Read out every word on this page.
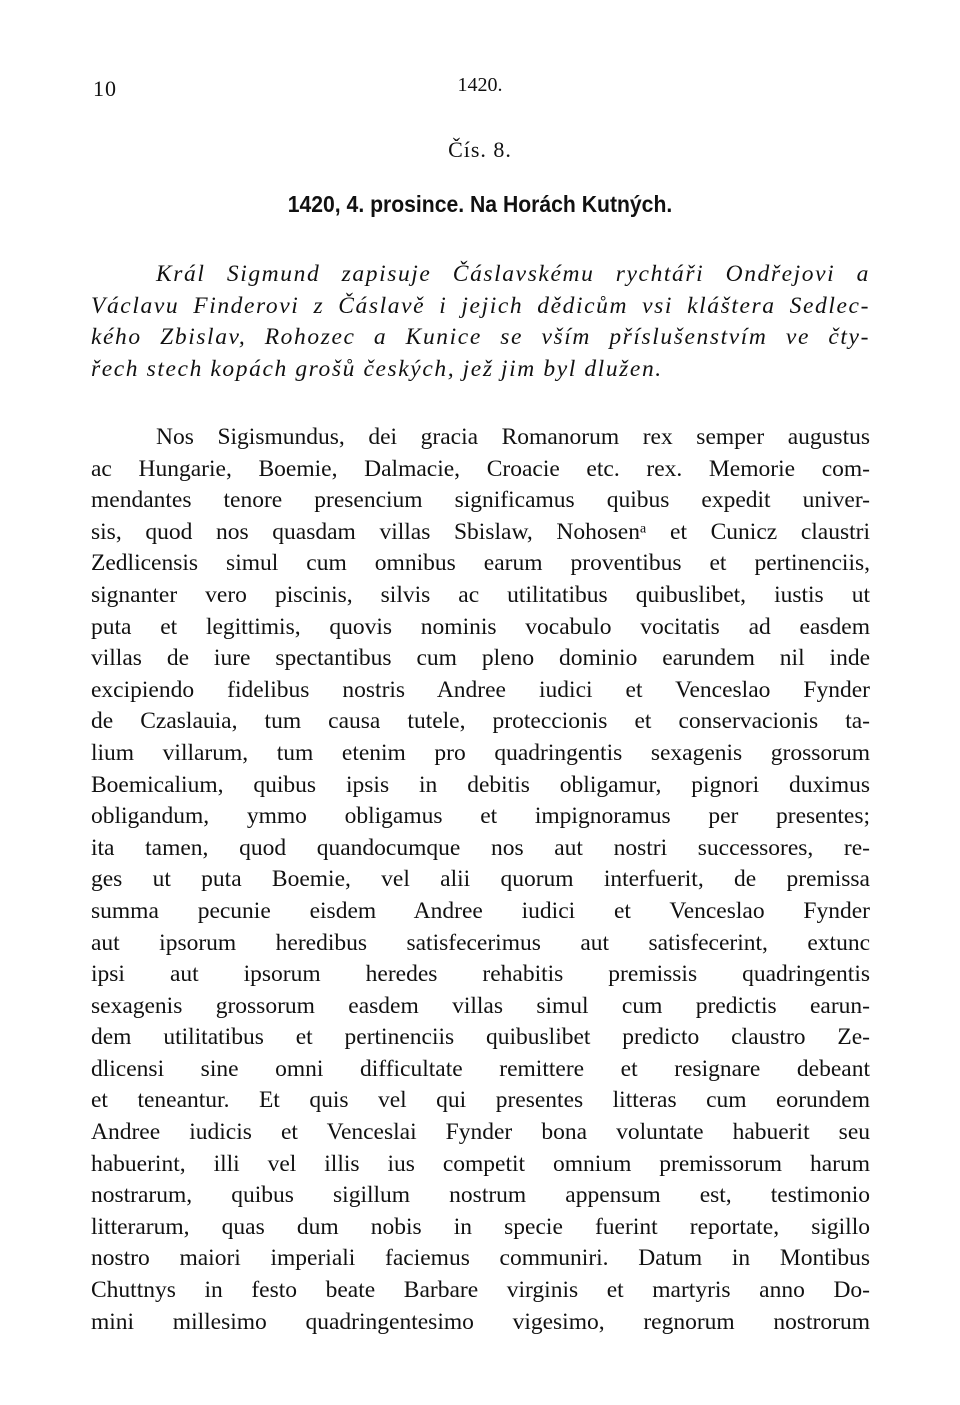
10	1420.
Čís. 8.
1420, 4. prosince. Na Horách Kutných.
Král Sigmund zapisuje Čáslavskému rychtáři Ondřejovi a
Václavu Finderovi z Čáslavě i jejich dědicům vsi kláštera Sedlec-
kého Zbislav, Rohozec a Kunice se vším příslušenstvím ve čty-
řech stech kopách grošů českých, jež jim byl dlužen.
Nos Sigismundus, dei gracia Romanorum rex semper augustus
ac Hungarie, Boemie, Dalmacie, Croacie etc. rex. Memorie com-
mendantes tenore presencium significamus quibus expedit univer-
sis, quod nos quasdam villas Sbislaw, Nohosenᵃ et Cunicz claustri
Zedlicensis simul cum omnibus earum proventibus et pertinenciis,
signanter vero piscinis, silvis ac utilitatibus quibuslibet, iustis ut
puta et legittimis, quovis nominis vocabulo vocitatis ad easdem
villas de iure spectantibus cum pleno dominio earundem nil inde
excipiendo fidelibus nostris Andree iudici et Venceslao Fynder
de Czaslauia, tum causa tutele, proteccionis et conservacionis ta-
lium villarum, tum etenim pro quadringentis sexagenis grossorum
Boemicalium, quibus ipsis in debitis obligamur, pignori duximus
obligandum, ymmo obligamus et impignoramus per presentes;
ita tamen, quod quandocumque nos aut nostri successores, re-
ges ut puta Boemie, vel alii quorum interfuerit, de premissa
summa pecunie eisdem Andree iudici et Venceslao Fynder
aut ipsorum heredibus satisfecerimus aut satisfecerint, extunc
ipsi aut ipsorum heredes rehabitis premissis quadringentis
sexagenis grossorum easdem villas simul cum predictis earun-
dem utilitatibus et pertinenciis quibuslibet predicto claustro Ze-
dlicensi sine omni difficultate remittere et resignare debeant
et teneantur. Et quis vel qui presentes litteras cum eorundem
Andree iudicis et Venceslai Fynder bona voluntate habuerit seu
habuerint, illi vel illis ius competit omnium premissorum harum
nostrarum, quibus sigillum nostrum appensum est, testimonio
litterarum, quas dum nobis in specie fuerint reportate, sigillo
nostro maiori imperiali faciemus communiri. Datum in Montibus
Chuttnys in festo beate Barbare virginis et martyris anno Do-
mini millesimo quadringentesimo vigesimo, regnorum nostrorum
